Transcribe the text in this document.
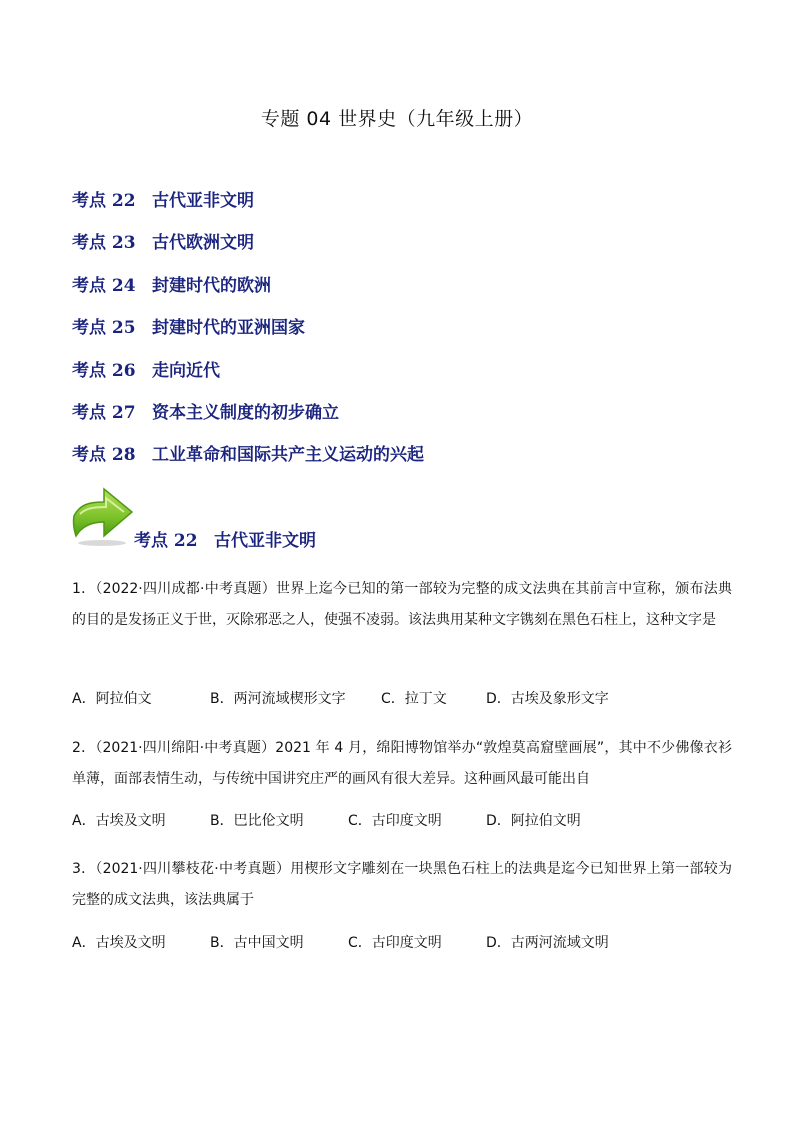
专题 04 世界史（九年级上册）
考点 22 古代亚非文明
考点 23 古代欧洲文明
考点 24 封建时代的欧洲
考点 25 封建时代的亚洲国家
考点 26 走向近代
考点 27 资本主义制度的初步确立
考点 28 工业革命和国际共产主义运动的兴起
考点 22 古代亚非文明

1．（2022·四川成都·中考真题）世界上迄今已知的第一部较为完整的成文法典在其前言中宣称，颁布法典的目的是发扬正义于世，灭除邪恶之人，使强不凌弱。该法典用某种文字镌刻在黑色石柱上，这种文字是

A．阿拉伯文	B．两河流域楔形文字	C．拉丁文	D．古埃及象形文字

2．（2021·四川绵阳·中考真题）2021 年 4 月，绵阳博物馆举办“敦煌莫高窟壁画展”，其中不少佛像衣衫单薄，面部表情生动，与传统中国讲究庄严的画风有很大差异。这种画风最可能出自

A．古埃及文明	B．巴比伦文明	C．古印度文明	D．阿拉伯文明

3．（2021·四川攀枝花·中考真题）用楔形文字雕刻在一块黑色石柱上的法典是迄今已知世界上第一部较为完整的成文法典，该法典属于

A．古埃及文明	B．古中国文明	C．古印度文明	D．古两河流域文明
